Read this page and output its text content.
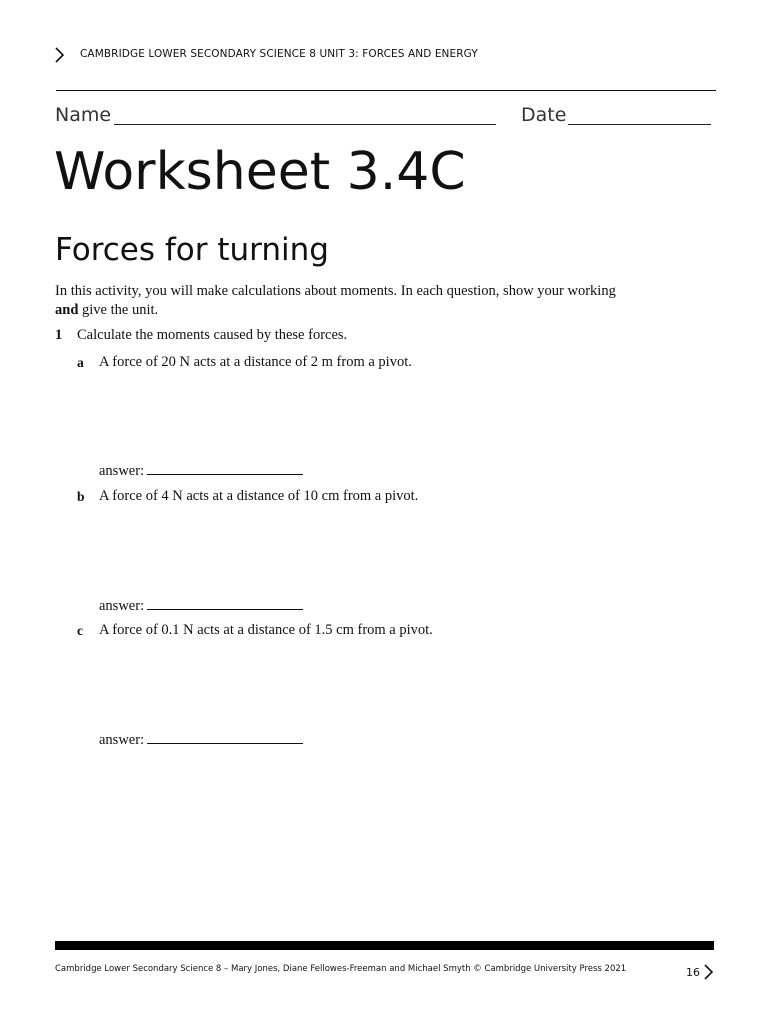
CAMBRIDGE LOWER SECONDARY SCIENCE 8 UNIT 3: FORCES AND ENERGY
Name	Date
Worksheet 3.4C
Forces for turning
In this activity, you will make calculations about moments. In each question, show your working
and give the unit.
1 Calculate the moments caused by these forces.
a A force of 20 N acts at a distance of 2 m from a pivot.
answer:
b A force of 4 N acts at a distance of 10 cm from a pivot.
answer:
c A force of 0.1 N acts at a distance of 1.5 cm from a pivot.
answer:
Cambridge Lower Secondary Science 8 – Mary Jones, Diane Fellowes-Freeman and Michael Smyth © Cambridge University Press 2021	16
